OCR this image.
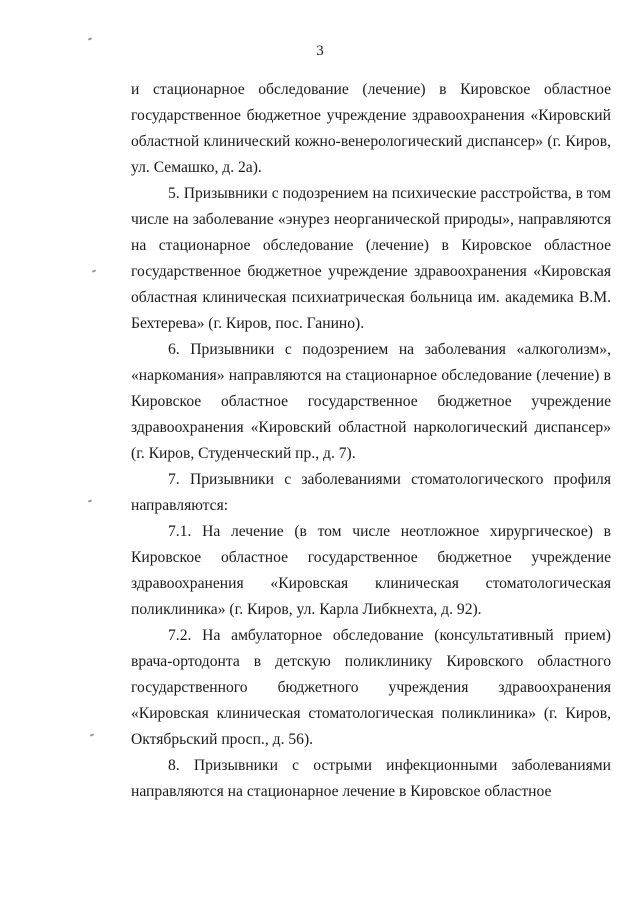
3

и стационарное обследование (лечение) в Кировское областное государственное бюджетное учреждение здравоохранения «Кировский областной клинический кожно-венерологический диспансер» (г. Киров, ул. Семашко, д. 2а).

5. Призывники с подозрением на психические расстройства, в том числе на заболевание «энурез неорганической природы», направляются на стационарное обследование (лечение) в Кировское областное государственное бюджетное учреждение здравоохранения «Кировская областная клиническая психиатрическая больница им. академика В.М. Бехтерева» (г. Киров, пос. Ганино).

6. Призывники с подозрением на заболевания «алкоголизм», «наркомания» направляются на стационарное обследование (лечение) в Кировское областное государственное бюджетное учреждение здравоохранения «Кировский областной наркологический диспансер» (г. Киров, Студенческий пр., д. 7).

7. Призывники с заболеваниями стоматологического профиля направляются:

7.1. На лечение (в том числе неотложное хирургическое) в Кировское областное государственное бюджетное учреждение здравоохранения «Кировская клиническая стоматологическая поликлиника» (г. Киров, ул. Карла Либкнехта, д. 92).

7.2. На амбулаторное обследование (консультативный прием) врача-ортодонта в детскую поликлинику Кировского областного государственного бюджетного учреждения здравоохранения «Кировская клиническая стоматологическая поликлиника» (г. Киров, Октябрьский просп., д. 56).

8. Призывники с острыми инфекционными заболеваниями направляются на стационарное лечение в Кировское областное
